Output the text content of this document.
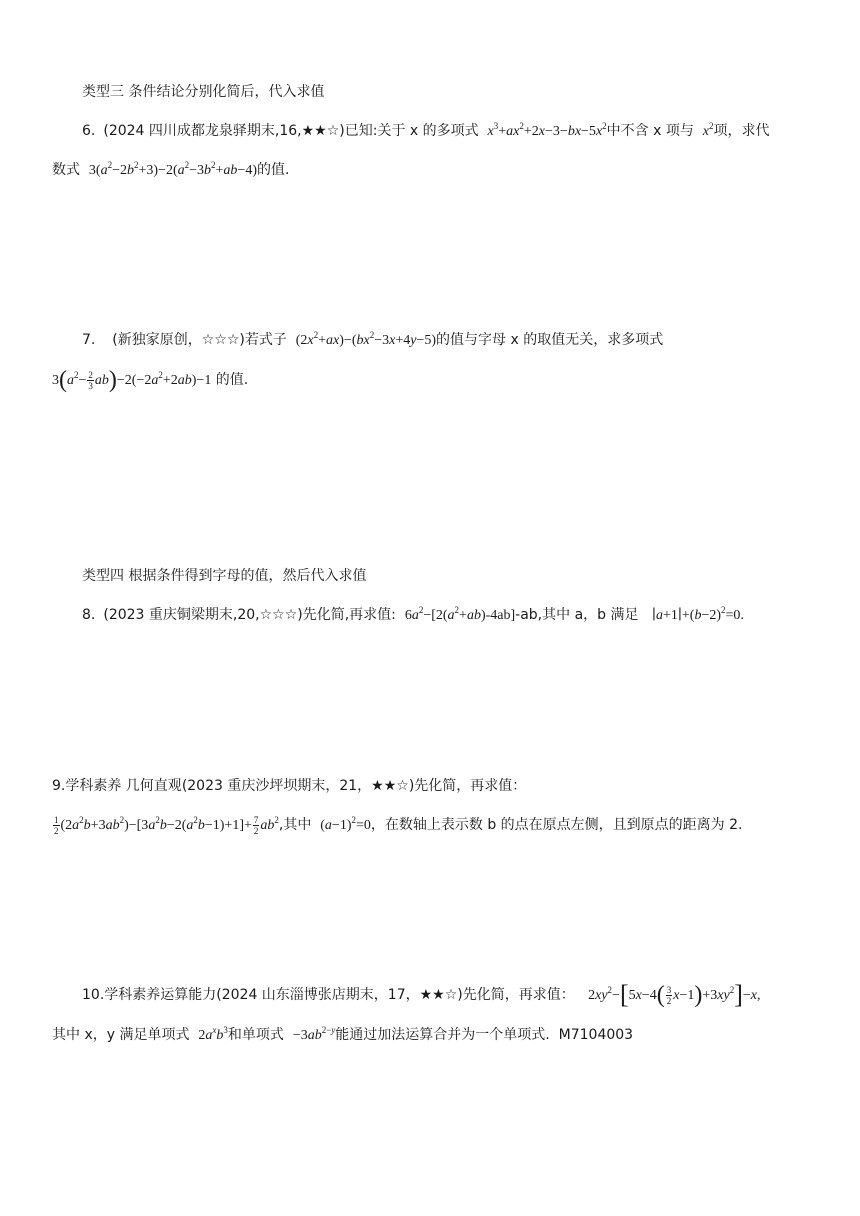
类型三 条件结论分别化简后，代入求值
6. (2024 四川成都龙泉驿期末,16,★★☆)已知:关于 x 的多项式 $x^3+ax^2+2x-3-bx-5x^2$中不含 x 项与 $x^2$项，求代
数式 $3(a^2-2b^2+3)-2(a^2-3b^2+ab-4)$的值.
7. (新独家原创，☆☆☆)若式子 $(2x^2+ax)-(bx^2-3x+4y-5)$的值与字母 x 的取值无关，求多项式
$3(a^2- \frac{2}{3} ab)-2(-2a^2+2ab)-1$ 的值.
类型四 根据条件得到字母的值，然后代入求值
8. (2023 重庆铜梁期末,20,☆☆☆)先化简,再求值: $6a^2-[2(a^2+ab)-4ab]-ab$,其中 a，b 满足 $∣a+1∣+(b-2)^2=0$.
9.学科素养 几何直观(2023 重庆沙坪坝期末，21，★★☆)先化简，再求值：
$\frac{1}{2} (2a^2b+3ab^2)-[3a^2b-2(a^2b-1)+1]+ \frac{7}{2} ab^2$,其中 $(a-1)^2=0$，在数轴上表示数 b 的点在原点左侧，且到原点的距离为 2.
10.学科素养运算能力(2024 山东淄博张店期末，17，★★☆)先化简，再求值： $2xy^2-[5x-4( \frac{3}{2} x-1)+3xy^2]-x$,
其中 x，y 满足单项式 $2a^xb^3$和单项式 $-3ab^{2-y}$能通过加法运算合并为一个单项式. M7104003
